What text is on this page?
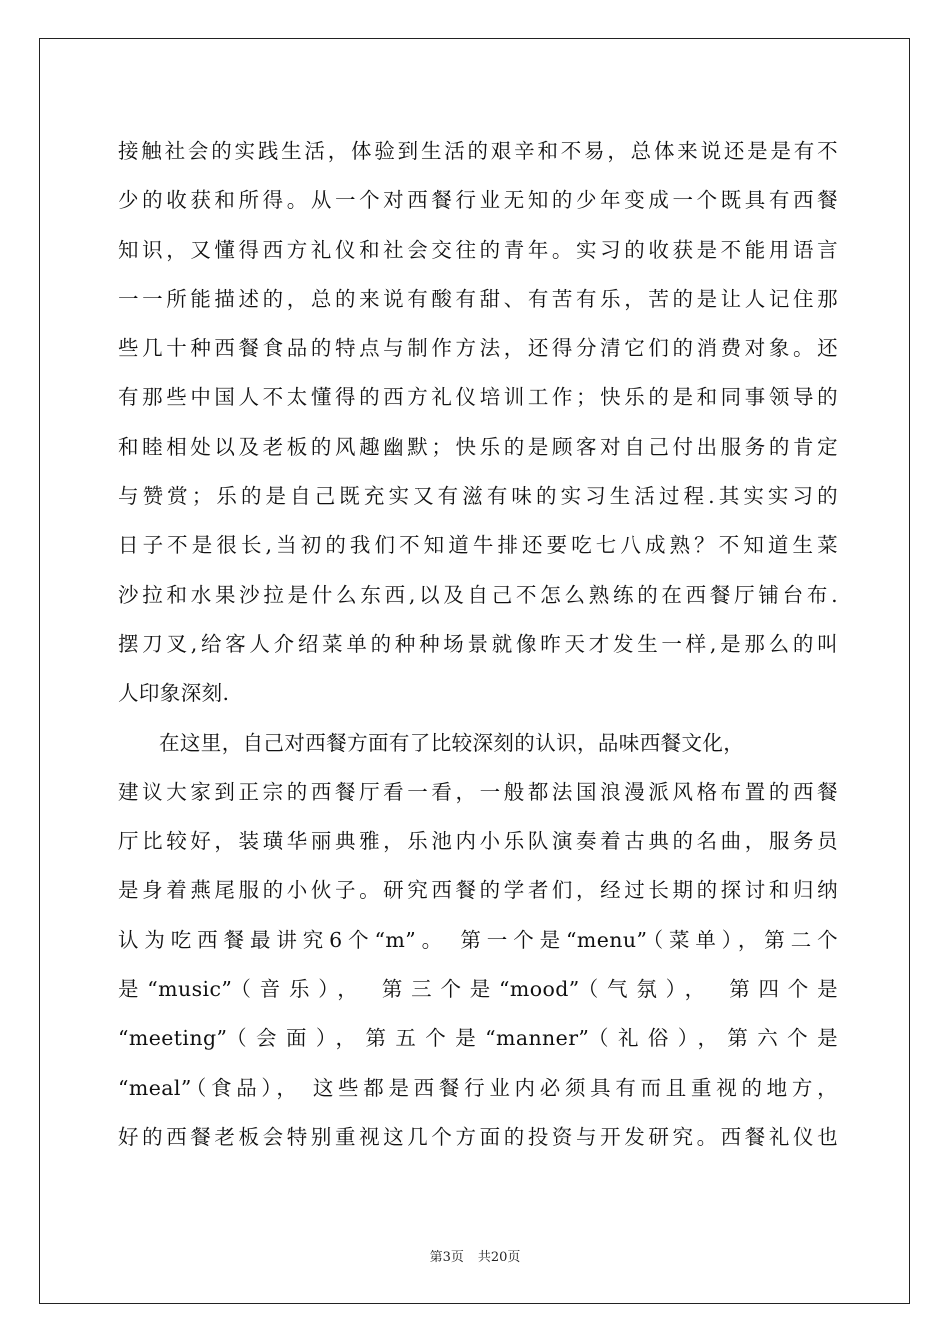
接触社会的实践生活，体验到生活的艰辛和不易，总体来说还是是有不
少的收获和所得。从一个对西餐行业无知的少年变成一个既具有西餐
知识，又懂得西方礼仪和社会交往的青年。实习的收获是不能用语言
一一所能描述的，总的来说有酸有甜、有苦有乐，苦的是让人记住那
些几十种西餐食品的特点与制作方法，还得分清它们的消费对象。还
有那些中国人不太懂得的西方礼仪培训工作；快乐的是和同事领导的
和睦相处以及老板的风趣幽默；快乐的是顾客对自己付出服务的肯定
与赞赏；乐的是自己既充实又有滋有味的实习生活过程.其实实习的
日子不是很长,当初的我们不知道牛排还要吃七八成熟？不知道生菜
沙拉和水果沙拉是什么东西,以及自己不怎么熟练的在西餐厅铺台布.
摆刀叉,给客人介绍菜单的种种场景就像昨天才发生一样,是那么的叫
人印象深刻.
在这里，自己对西餐方面有了比较深刻的认识，品味西餐文化，
建议大家到正宗的西餐厅看一看，一般都法国浪漫派风格布置的西餐
厅比较好，装璜华丽典雅，乐池内小乐队演奏着古典的名曲，服务员
是身着燕尾服的小伙子。研究西餐的学者们，经过长期的探讨和归纳
认为吃西餐最讲究6个“m”。 第一个是“menu”（菜单），第二个
是“music”（音乐）， 第三个是“mood”（气氛）， 第四个是
“meeting”（会面），第五个是“manner”（礼俗），第六个是
“meal”（食品）， 这些都是西餐行业内必须具有而且重视的地方，
好的西餐老板会特别重视这几个方面的投资与开发研究。西餐礼仪也
第3页 共20页
